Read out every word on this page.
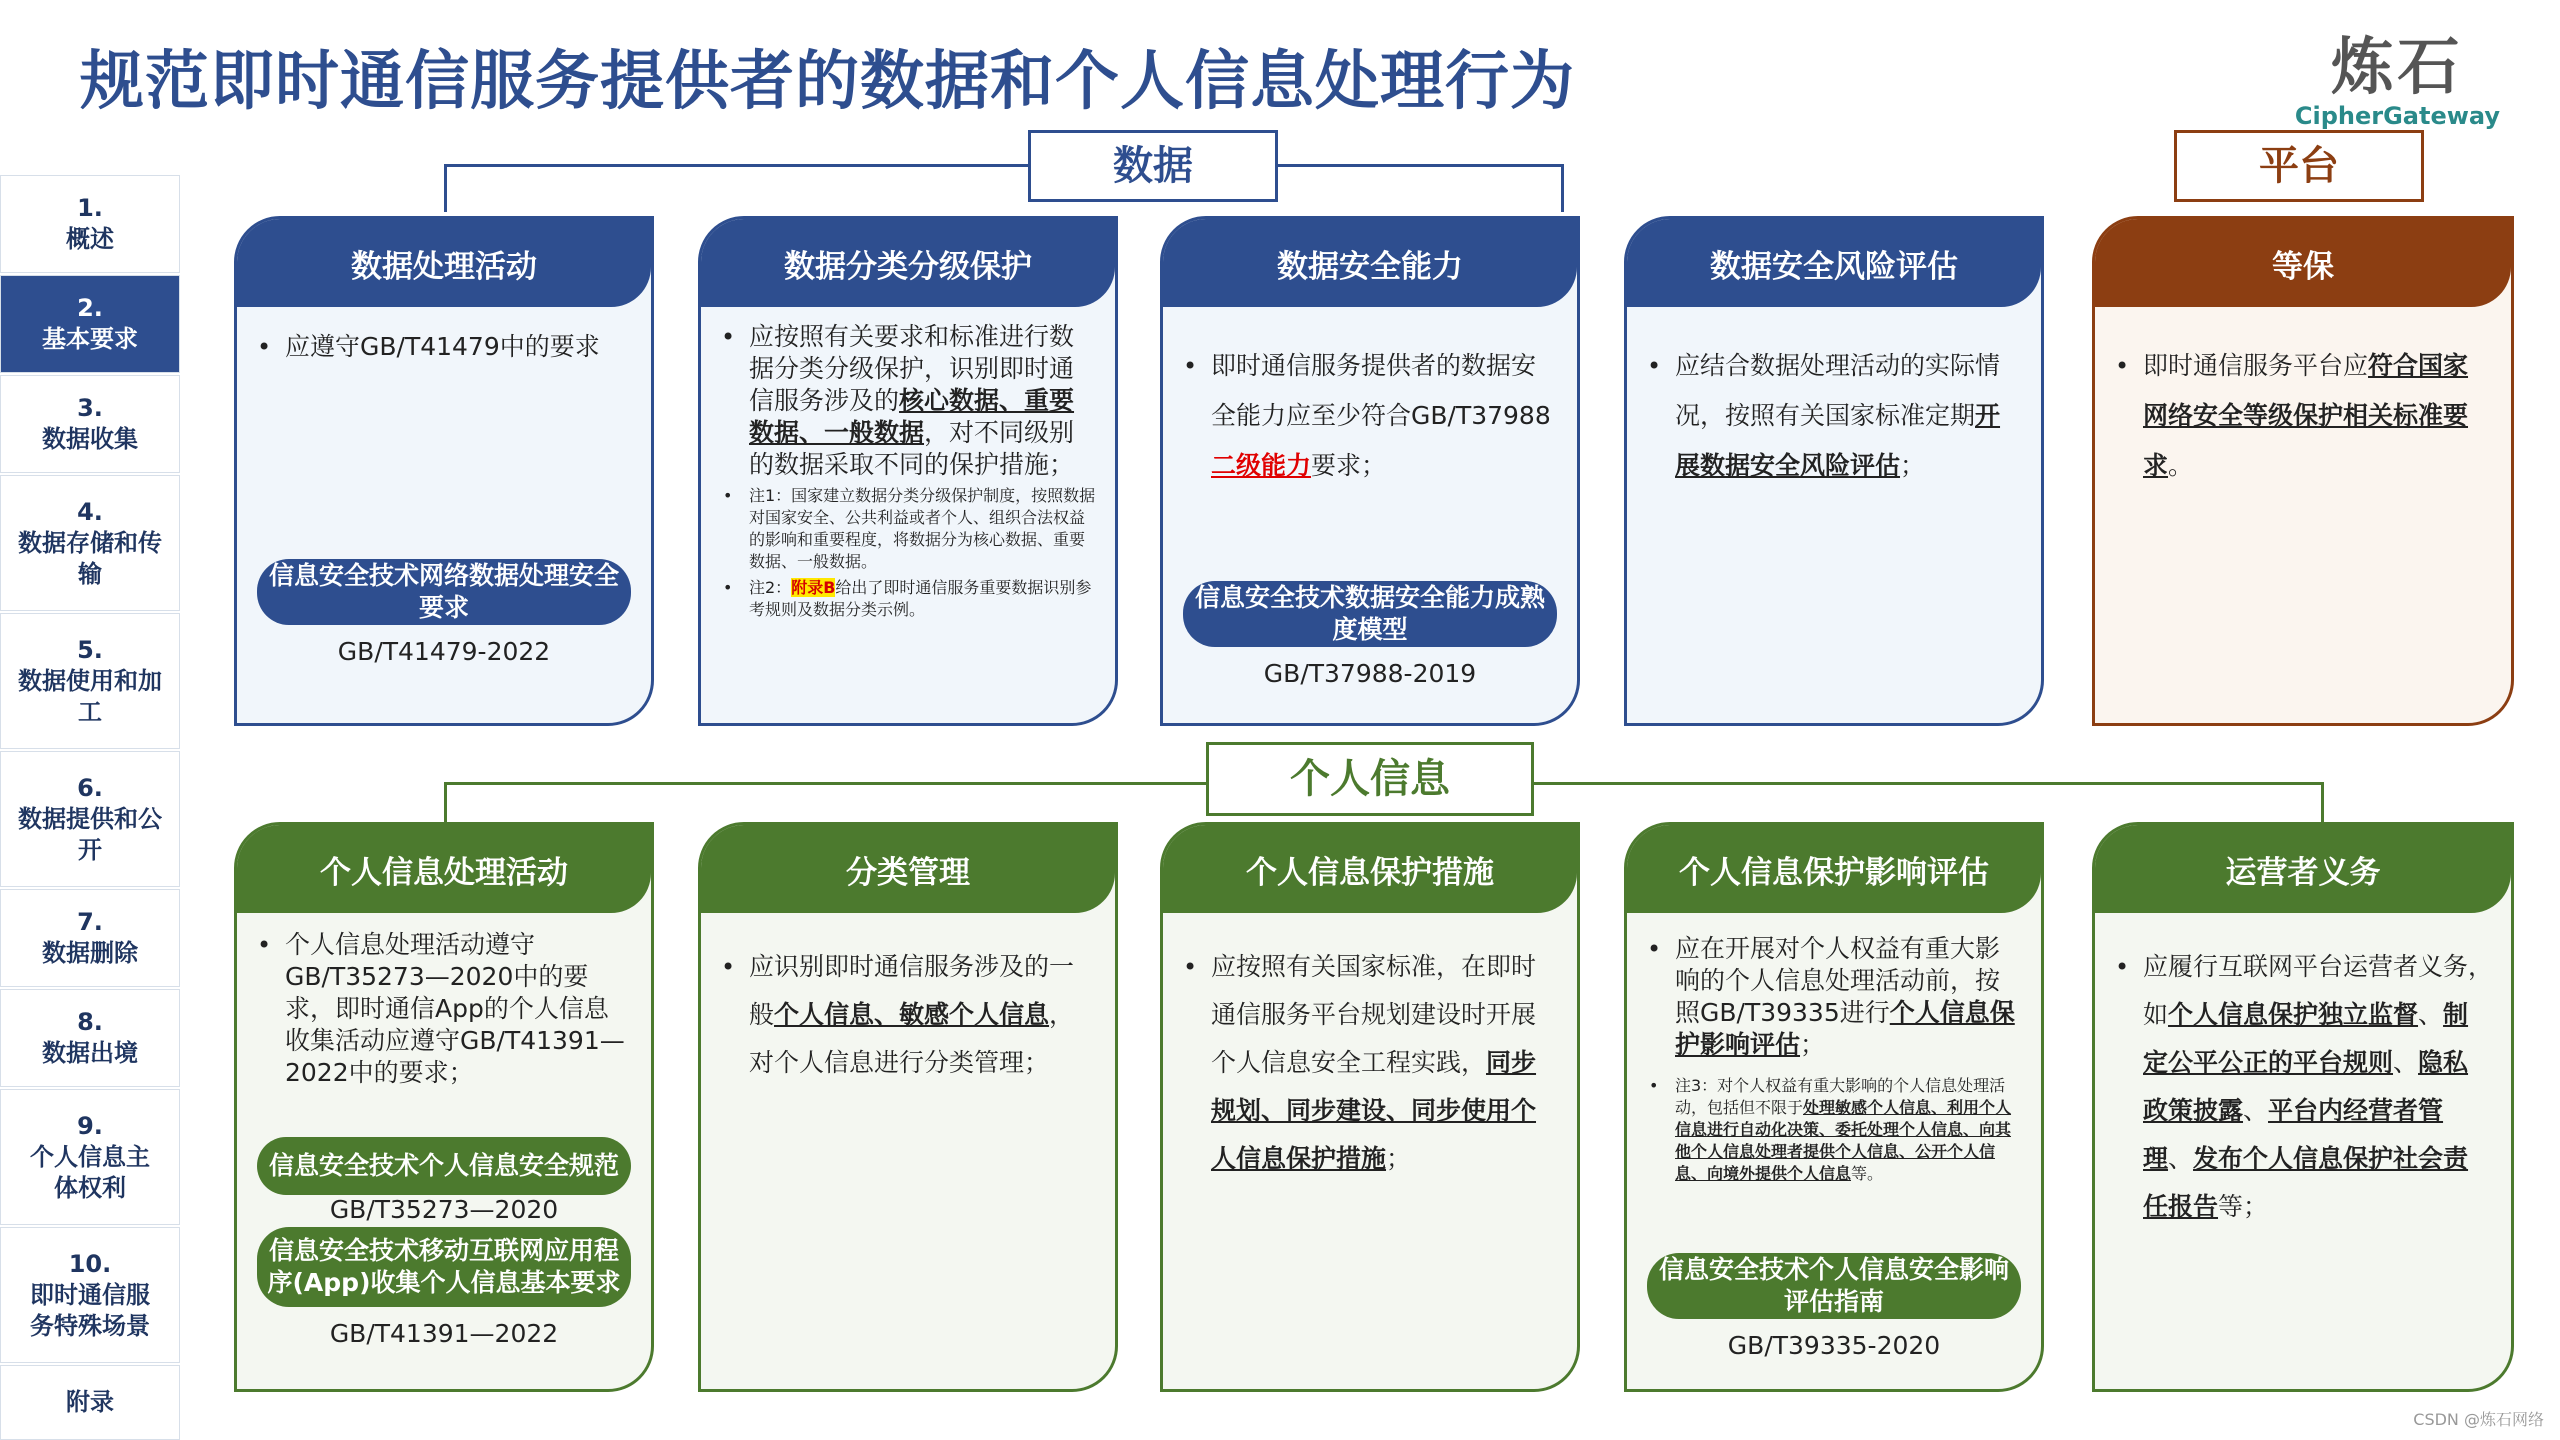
规范即时通信服务提供者的数据和个人信息处理行为	炼石
CipherGateway
1.
概述
2.
基本要求
3.
数据收集
4.
数据存储和传输
5.
数据使用和加工
6.
数据提供和公开
7.
数据删除
8.
数据出境
9.
个人信息主体权利
10.
即时通信服务特殊场景
附录
数据	平台
数据处理活动
• 应遵守GB/T41479中的要求
信息安全技术网络数据处理安全要求
GB/T41479-2022
数据分类分级保护
• 应按照有关要求和标准进行数据分类分级保护，识别即时通信服务涉及的核心数据、重要数据、一般数据，对不同级别的数据采取不同的保护措施；
• 注1：国家建立数据分类分级保护制度，按照数据对国家安全、公共利益或者个人、组织合法权益的影响和重要程度，将数据分为核心数据、重要数据、一般数据。
• 注2：附录B给出了即时通信服务重要数据识别参考规则及数据分类示例。
数据安全能力
• 即时通信服务提供者的数据安全能力应至少符合GB/T37988二级能力要求；
信息安全技术数据安全能力成熟度模型
GB/T37988-2019
数据安全风险评估
• 应结合数据处理活动的实际情况，按照有关国家标准定期开展数据安全风险评估；
等保
• 即时通信服务平台应符合国家网络安全等级保护相关标准要求。
个人信息
个人信息处理活动
• 个人信息处理活动遵守GB/T35273—2020中的要求，即时通信App的个人信息收集活动应遵守GB/T41391—2022中的要求；
信息安全技术个人信息安全规范
GB/T35273—2020
信息安全技术移动互联网应用程序(App)收集个人信息基本要求
GB/T41391—2022
分类管理
• 应识别即时通信服务涉及的一般个人信息、敏感个人信息，对个人信息进行分类管理；
个人信息保护措施
• 应按照有关国家标准，在即时通信服务平台规划建设时开展个人信息安全工程实践，同步规划、同步建设、同步使用个人信息保护措施；
个人信息保护影响评估
• 应在开展对个人权益有重大影响的个人信息处理活动前，按照GB/T39335进行个人信息保护影响评估；
• 注3：对个人权益有重大影响的个人信息处理活动，包括但不限于处理敏感个人信息、利用个人信息进行自动化决策、委托处理个人信息、向其他个人信息处理者提供个人信息、公开个人信息、向境外提供个人信息等。
信息安全技术个人信息安全影响评估指南
GB/T39335-2020
运营者义务
• 应履行互联网平台运营者义务，如个人信息保护独立监督、制定公平公正的平台规则、隐私政策披露、平台内经营者管理、发布个人信息保护社会责任报告等；
CSDN @炼石网络
